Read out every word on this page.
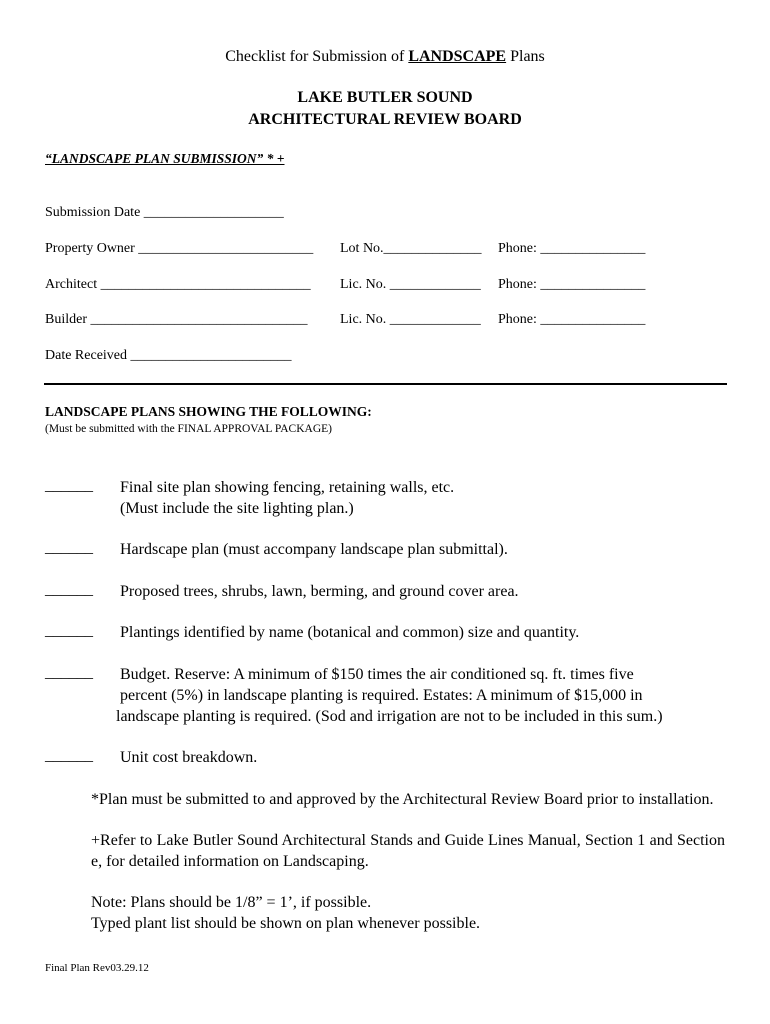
Checklist for Submission of LANDSCAPE Plans
LAKE BUTLER SOUND
ARCHITECTURAL REVIEW BOARD
“LANDSCAPE PLAN SUBMISSION” * +
Submission Date ____________________
Property Owner _________________________ Lot No.______________ Phone: _______________
Architect ______________________________ Lic. No. _____________ Phone: _______________
Builder _______________________________ Lic. No. _____________ Phone: _______________
Date Received _______________________
LANDSCAPE PLANS SHOWING THE FOLLOWING:
(Must be submitted with the FINAL APPROVAL PACKAGE)
______ Final site plan showing fencing, retaining walls, etc.
(Must include the site lighting plan.)
______ Hardscape plan (must accompany landscape plan submittal).
______ Proposed trees, shrubs, lawn, berming, and ground cover area.
______ Plantings identified by name (botanical and common) size and quantity.
______ Budget. Reserve: A minimum of $150 times the air conditioned sq. ft. times five
percent (5%) in landscape planting is required. Estates: A minimum of $15,000 in
landscape planting is required. (Sod and irrigation are not to be included in this sum.)
______ Unit cost breakdown.
*Plan must be submitted to and approved by the Architectural Review Board prior to installation.
+Refer to Lake Butler Sound Architectural Stands and Guide Lines Manual, Section 1 and Section e, for detailed information on Landscaping.
Note: Plans should be 1/8” = 1’, if possible.
Typed plant list should be shown on plan whenever possible.
Final Plan Rev03.29.12
